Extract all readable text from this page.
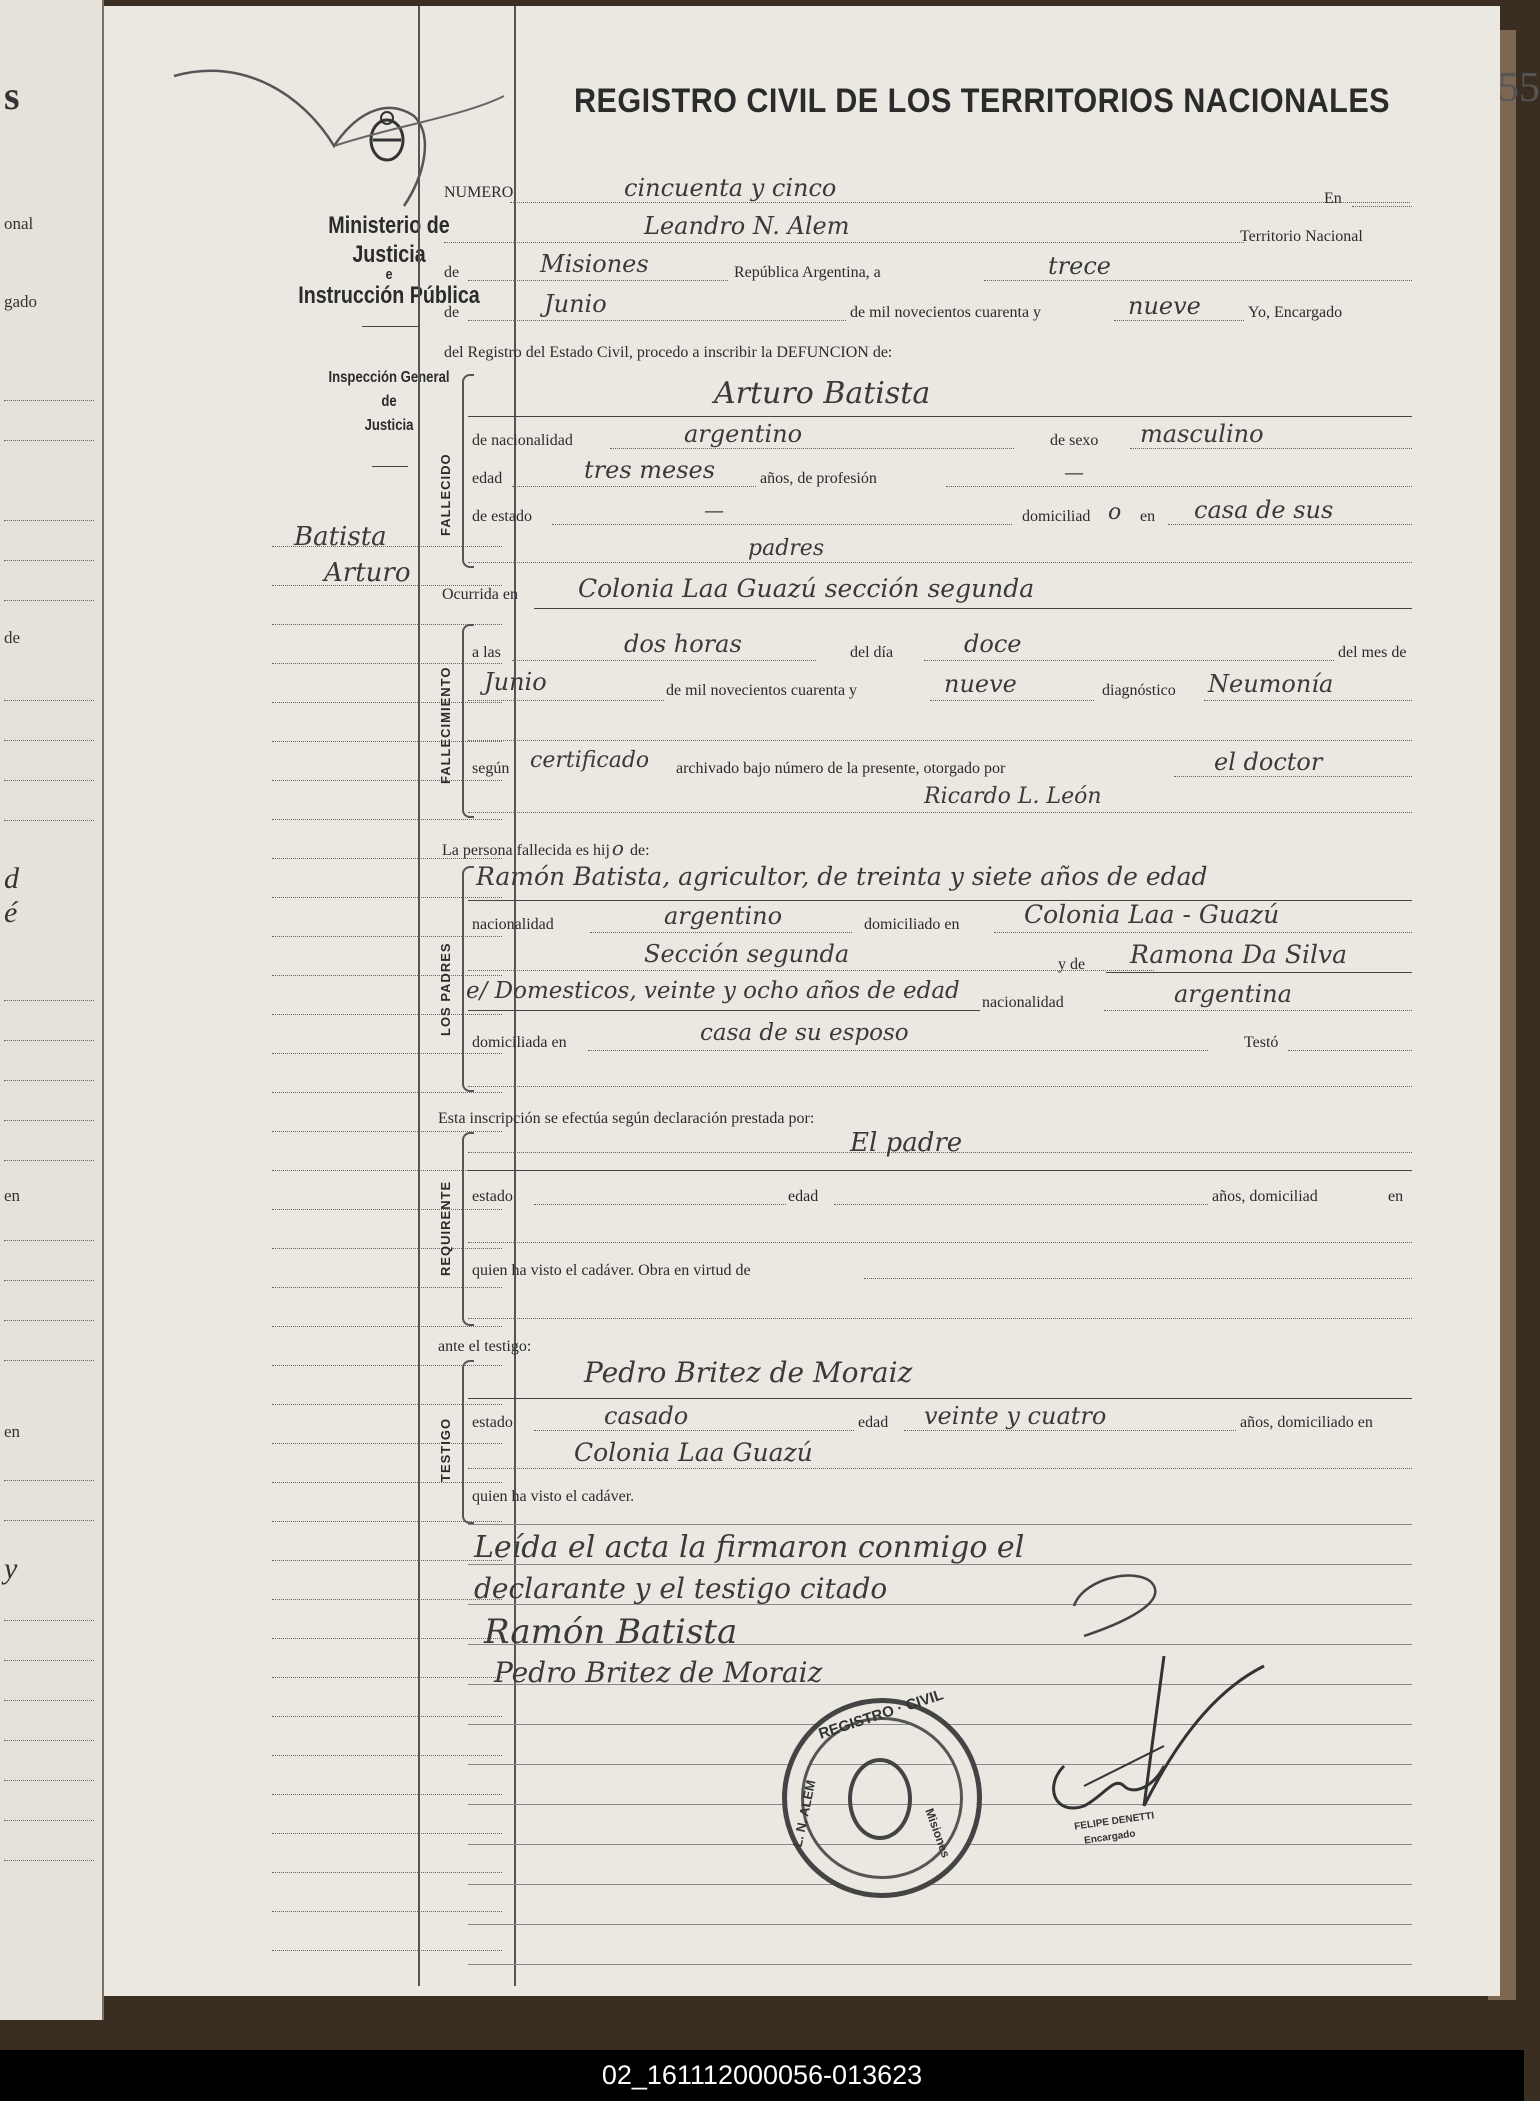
s
onal
gado
de
d
é
en
en
y
Ministerio de Justicia
e
Instrucción Pública
Inspección General
de
Justicia
Batista
Arturo
REGISTRO CIVIL DE LOS TERRITORIOS NACIONALES	55
NUMERO	cincuenta y cinco	En
Leandro N. Alem	Territorio Nacional
de	Misiones	República Argentina, a	trece
de	Junio	de mil novecientos cuarenta y	nueve	Yo, Encargado
del Registro del Estado Civil, procedo a inscribir la DEFUNCION de:
FALLECIDO
Arturo Batista
de nacionalidad	argentino	de sexo masculino
edad	tres meses	años, de profesión	—
de estado	—	domiciliad o en casa de sus
padres
Ocurrida en Colonia Laa Guazú sección segunda
FALLECIMIENTO
a las	dos horas	del día	doce	del mes de
Junio	de mil novecientos cuarenta y	nueve	diagnóstico Neumonía
según certificado archivado bajo número de la presente, otorgado por	el doctor
Ricardo L. León
La persona fallecida es hij o de:
LOS PADRES
Ramón Batista, agricultor, de treinta y siete años de edad
nacionalidad	argentino	domiciliado en	Colonia Laa - Guazú
Sección segunda	y de Ramona Da Silva
e/ Domesticos, veinte y ocho años de edad nacionalidad	argentina
domiciliada en	casa de su esposo	Testó
Esta inscripción se efectúa según declaración prestada por:
REQUIRENTE
El padre
estado	edad	años, domiciliad	en
quien ha visto el cadáver. Obra en virtud de
ante el testigo:
TESTIGO
Pedro Britez de Moraiz
estado	casado	edad veinte y cuatro	años, domiciliado en
Colonia Laa Guazú
quien ha visto el cadáver.
Leída el acta la firmaron conmigo el
declarante y el testigo citado
Ramón Batista
Pedro Britez de Moraiz
REGISTRO · CIVIL
L. N. ALEM	Misiones	FELIPE DENETTI
Encargado
02_161112000056-013623
